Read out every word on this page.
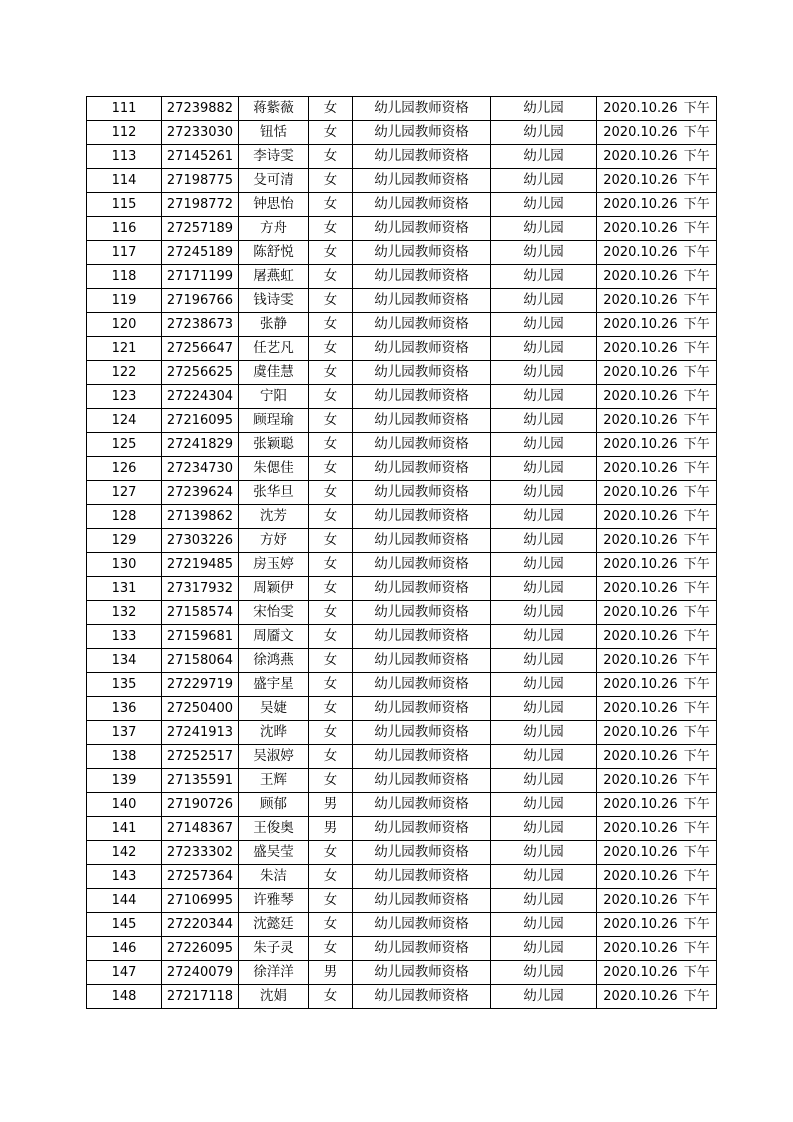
111	27239882	蒋紫薇	女	幼儿园教师资格	幼儿园	2020.10.26 下午
112	27233030	钮恬	女	幼儿园教师资格	幼儿园	2020.10.26 下午
113	27145261	李诗雯	女	幼儿园教师资格	幼儿园	2020.10.26 下午
114	27198775	殳可清	女	幼儿园教师资格	幼儿园	2020.10.26 下午
115	27198772	钟思怡	女	幼儿园教师资格	幼儿园	2020.10.26 下午
116	27257189	方舟	女	幼儿园教师资格	幼儿园	2020.10.26 下午
117	27245189	陈舒悦	女	幼儿园教师资格	幼儿园	2020.10.26 下午
118	27171199	屠燕虹	女	幼儿园教师资格	幼儿园	2020.10.26 下午
119	27196766	钱诗雯	女	幼儿园教师资格	幼儿园	2020.10.26 下午
120	27238673	张静	女	幼儿园教师资格	幼儿园	2020.10.26 下午
121	27256647	任艺凡	女	幼儿园教师资格	幼儿园	2020.10.26 下午
122	27256625	虞佳慧	女	幼儿园教师资格	幼儿园	2020.10.26 下午
123	27224304	宁阳	女	幼儿园教师资格	幼儿园	2020.10.26 下午
124	27216095	顾珵瑜	女	幼儿园教师资格	幼儿园	2020.10.26 下午
125	27241829	张颖聪	女	幼儿园教师资格	幼儿园	2020.10.26 下午
126	27234730	朱偲佳	女	幼儿园教师资格	幼儿园	2020.10.26 下午
127	27239624	张华旦	女	幼儿园教师资格	幼儿园	2020.10.26 下午
128	27139862	沈芳	女	幼儿园教师资格	幼儿园	2020.10.26 下午
129	27303226	方妤	女	幼儿园教师资格	幼儿园	2020.10.26 下午
130	27219485	房玉婷	女	幼儿园教师资格	幼儿园	2020.10.26 下午
131	27317932	周颖伊	女	幼儿园教师资格	幼儿园	2020.10.26 下午
132	27158574	宋怡雯	女	幼儿园教师资格	幼儿园	2020.10.26 下午
133	27159681	周靥文	女	幼儿园教师资格	幼儿园	2020.10.26 下午
134	27158064	徐鸿燕	女	幼儿园教师资格	幼儿园	2020.10.26 下午
135	27229719	盛宇星	女	幼儿园教师资格	幼儿园	2020.10.26 下午
136	27250400	吴婕	女	幼儿园教师资格	幼儿园	2020.10.26 下午
137	27241913	沈晔	女	幼儿园教师资格	幼儿园	2020.10.26 下午
138	27252517	吴淑婷	女	幼儿园教师资格	幼儿园	2020.10.26 下午
139	27135591	王辉	女	幼儿园教师资格	幼儿园	2020.10.26 下午
140	27190726	顾郁	男	幼儿园教师资格	幼儿园	2020.10.26 下午
141	27148367	王俊奥	男	幼儿园教师资格	幼儿园	2020.10.26 下午
142	27233302	盛吴莹	女	幼儿园教师资格	幼儿园	2020.10.26 下午
143	27257364	朱洁	女	幼儿园教师资格	幼儿园	2020.10.26 下午
144	27106995	许雅琴	女	幼儿园教师资格	幼儿园	2020.10.26 下午
145	27220344	沈懿廷	女	幼儿园教师资格	幼儿园	2020.10.26 下午
146	27226095	朱子灵	女	幼儿园教师资格	幼儿园	2020.10.26 下午
147	27240079	徐洋洋	男	幼儿园教师资格	幼儿园	2020.10.26 下午
148	27217118	沈娟	女	幼儿园教师资格	幼儿园	2020.10.26 下午
